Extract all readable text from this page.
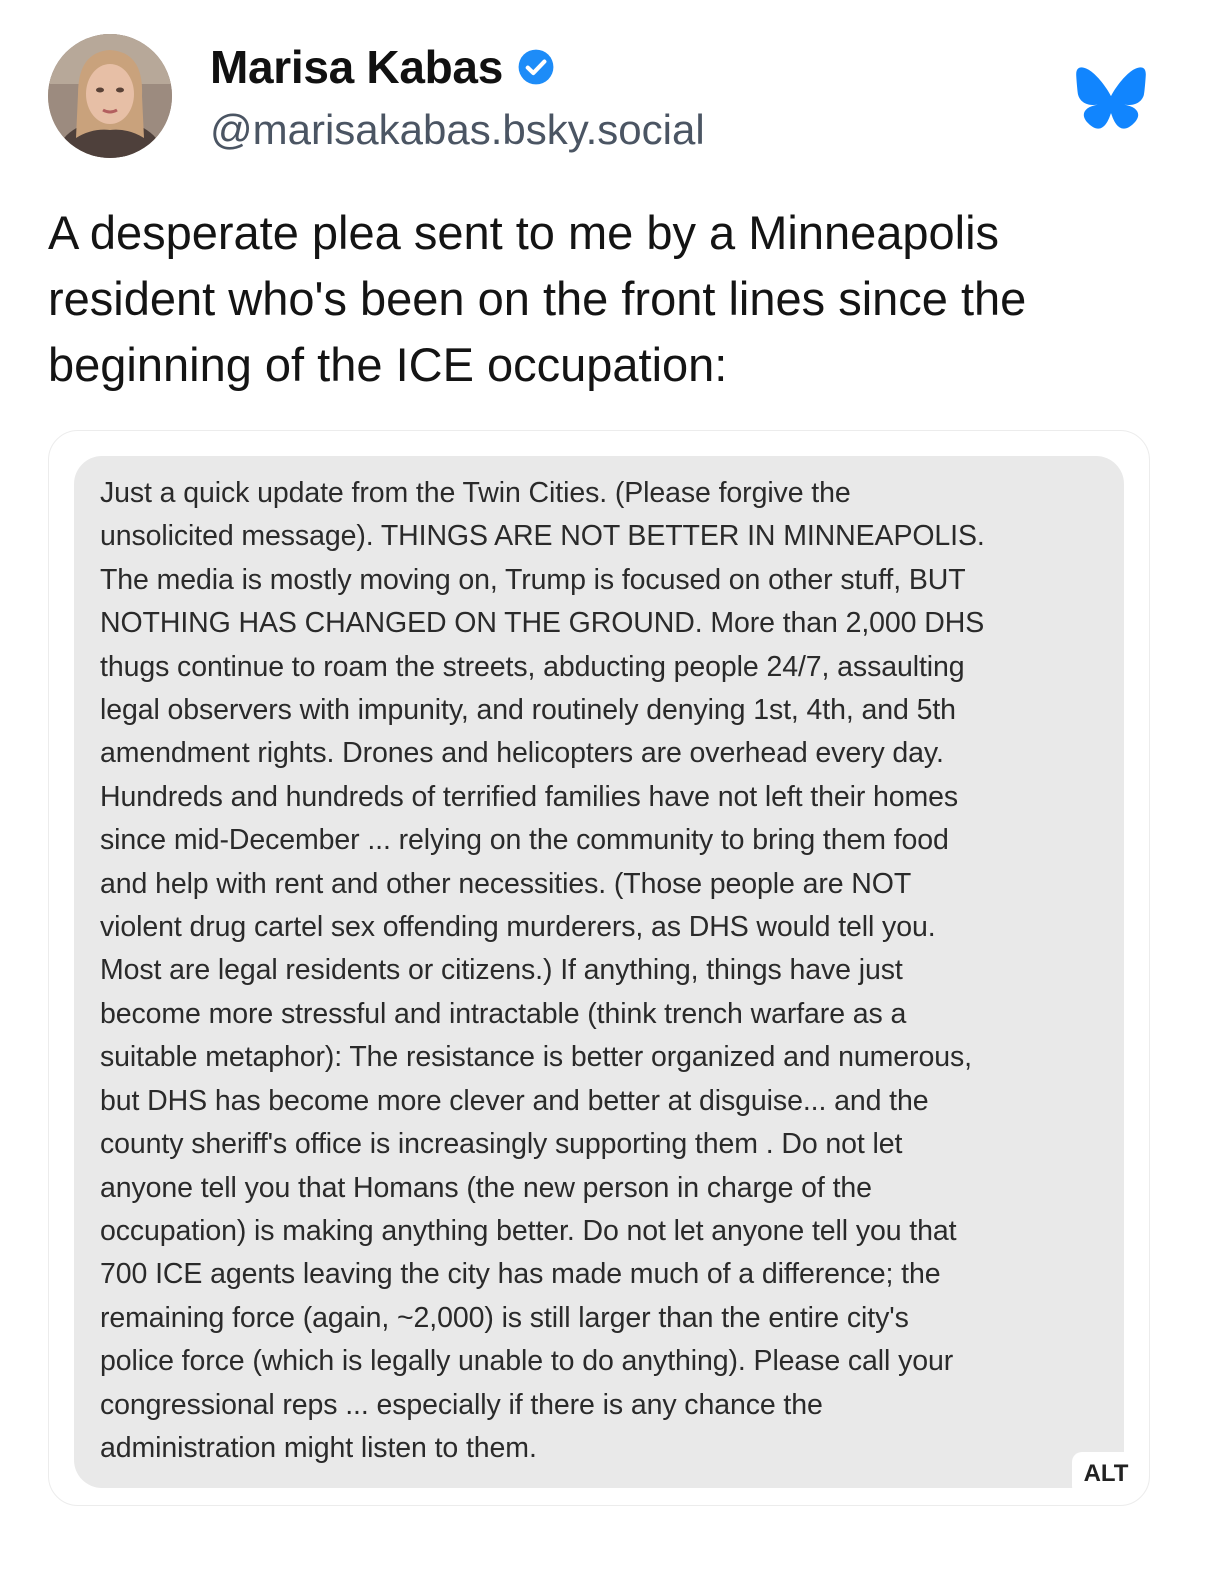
Marisa Kabas
@marisakabas.bsky.social

A desperate plea sent to me by a Minneapolis resident who's been on the front lines since the beginning of the ICE occupation:

Just a quick update from the Twin Cities. (Please forgive the
unsolicited message). THINGS ARE NOT BETTER IN MINNEAPOLIS.
The media is mostly moving on, Trump is focused on other stuff, BUT
NOTHING HAS CHANGED ON THE GROUND. More than 2,000 DHS
thugs continue to roam the streets, abducting people 24/7, assaulting
legal observers with impunity, and routinely denying 1st, 4th, and 5th
amendment rights. Drones and helicopters are overhead every day.
Hundreds and hundreds of terrified families have not left their homes
since mid-December ... relying on the community to bring them food
and help with rent and other necessities. (Those people are NOT
violent drug cartel sex offending murderers, as DHS would tell you.
Most are legal residents or citizens.) If anything, things have just
become more stressful and intractable (think trench warfare as a
suitable metaphor): The resistance is better organized and numerous,
but DHS has become more clever and better at disguise... and the
county sheriff's office is increasingly supporting them . Do not let
anyone tell you that Homans (the new person in charge of the
occupation) is making anything better. Do not let anyone tell you that
700 ICE agents leaving the city has made much of a difference; the
remaining force (again, ~2,000) is still larger than the entire city's
police force (which is legally unable to do anything). Please call your
congressional reps ... especially if there is any chance the
administration might listen to them.

ALT
